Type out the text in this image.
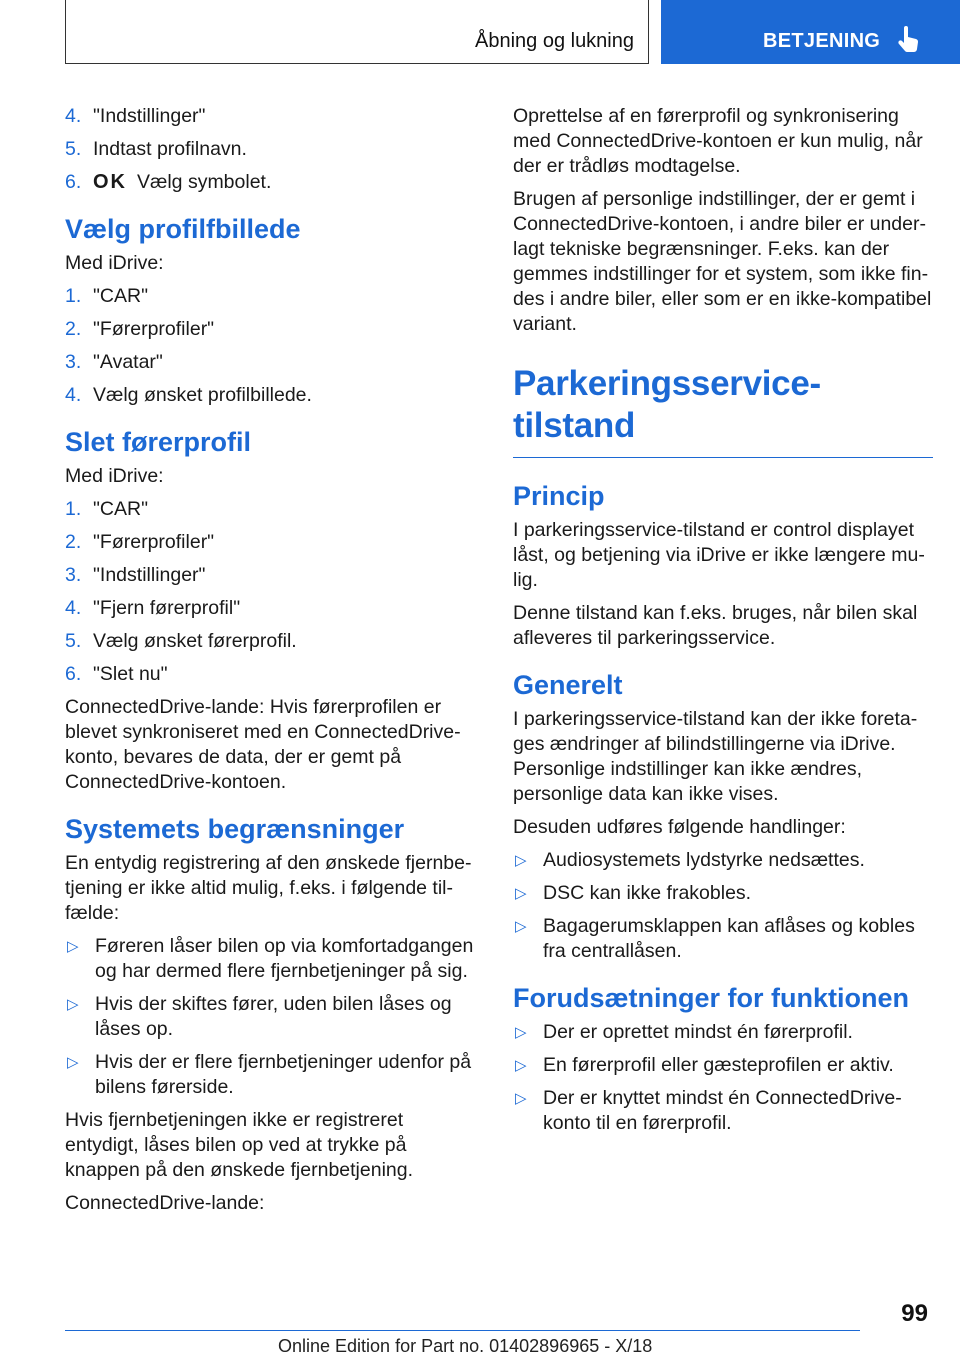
Åbning og lukning	BETJENING
4. "Indstillinger"
5. Indtast profilnavn.
6. OK Vælg symbolet.
Vælg profilfbillede

Med iDrive:

1. "CAR"
2. "Førerprofiler"
3. "Avatar"
4. Vælg ønsket profilbillede.
Slet førerprofil

Med iDrive:

1. "CAR"
2. "Førerprofiler"
3. "Indstillinger"
4. "Fjern førerprofil"
5. Vælg ønsket førerprofil.
6. "Slet nu"

ConnectedDrive-lande: Hvis førerprofilen er blevet synkroniseret med en ConnectedDrive-konto, bevares de data, der er gemt på ConnectedDrive-kontoen.

Systemets begrænsninger

En entydig registrering af den ønskede fjernbetjening er ikke altid mulig, f.eks. i følgende tilfælde:

▷ Føreren låser bilen op via komfortadgangen og har dermed flere fjernbetjeninger på sig.
▷ Hvis der skiftes fører, uden bilen låses og låses op.
▷ Hvis der er flere fjernbetjeninger udenfor på bilens førerside.

Hvis fjernbetjeningen ikke er registreret entydigt, låses bilen op ved at trykke på knappen på den ønskede fjernbetjening.

ConnectedDrive-lande:

Oprettelse af en førerprofil og synkronisering med ConnectedDrive-kontoen er kun mulig, når der er trådløs modtagelse.

Brugen af personlige indstillinger, der er gemt i ConnectedDrive-kontoen, i andre biler er underlagt tekniske begrænsninger. F.eks. kan der gemmes indstillinger for et system, som ikke findes i andre biler, eller som er en ikke-kompatibel variant.

Parkeringsservice-tilstand
Princip

I parkeringsservice-tilstand er control displayet låst, og betjening via iDrive er ikke længere mulig.

Denne tilstand kan f.eks. bruges, når bilen skal afleveres til parkeringsservice.

Generelt

I parkeringsservice-tilstand kan der ikke foretages ændringer af bilindstillingerne via iDrive. Personlige indstillinger kan ikke ændres, personlige data kan ikke vises.

Desuden udføres følgende handlinger:

▷ Audiosystemets lydstyrke nedsættes.
▷ DSC kan ikke frakobles.
▷ Bagagerumsklappen kan aflåses og kobles fra centrallåsen.
Forudsætninger for funktionen
▷ Der er oprettet mindst én førerprofil.
▷ En førerprofil eller gæsteprofilen er aktiv.
▷ Der er knyttet mindst én ConnectedDrive-konto til en førerprofil.
99
Online Edition for Part no. 01402896965 - X/18
